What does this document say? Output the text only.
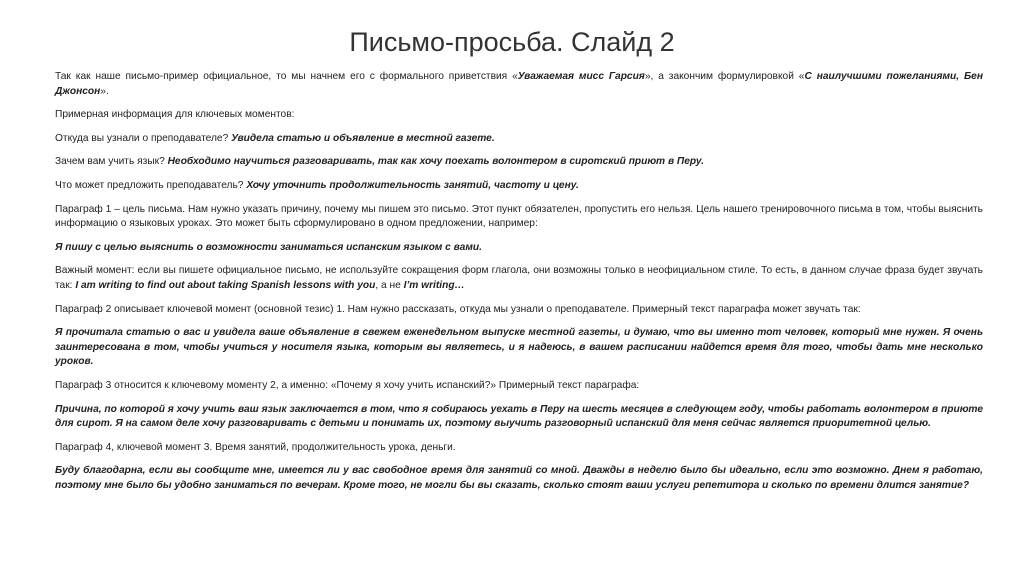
Письмо-просьба. Слайд 2

Так как наше письмо-пример официальное, то мы начнем его с формального приветствия «Уважаемая мисс Гарсия», а закончим формулировкой «С наилучшими пожеланиями, Бен Джонсон».

Примерная информация для ключевых моментов:

Откуда вы узнали о преподавателе? Увидела статью и объявление в местной газете.

Зачем вам учить язык? Необходимо научиться разговаривать, так как хочу поехать волонтером в сиротский приют в Перу.

Что может предложить преподаватель? Хочу уточнить продолжительность занятий, частоту и цену.

Параграф 1 – цель письма. Нам нужно указать причину, почему мы пишем это письмо. Этот пункт обязателен, пропустить его нельзя. Цель нашего тренировочного письма в том, чтобы выяснить информацию о языковых уроках. Это может быть сформулировано в одном предложении, например:

Я пишу с целью выяснить о возможности заниматься испанским языком с вами.

Важный момент: если вы пишете официальное письмо, не используйте сокращения форм глагола, они возможны только в неофициальном стиле. То есть, в данном случае фраза будет звучать так: I am writing to find out about taking Spanish lessons with you, а не I’m writing…

Параграф 2 описывает ключевой момент (основной тезис) 1. Нам нужно рассказать, откуда мы узнали о преподавателе. Примерный текст параграфа может звучать так:

Я прочитала статью о вас и увидела ваше объявление в свежем еженедельном выпуске местной газеты, и думаю, что вы именно тот человек, который мне нужен. Я очень заинтересована в том, чтобы учиться у носителя языка, которым вы являетесь, и я надеюсь, в вашем расписании найдется время для того, чтобы дать мне несколько уроков.

Параграф 3 относится к ключевому моменту 2, а именно: «Почему я хочу учить испанский?» Примерный текст параграфа:

Причина, по которой я хочу учить ваш язык заключается в том, что я собираюсь уехать в Перу на шесть месяцев в следующем году, чтобы работать волонтером в приюте для сирот. Я на самом деле хочу разговаривать с детьми и понимать их, поэтому выучить разговорный испанский для меня сейчас является приоритетной целью.

Параграф 4, ключевой момент 3. Время занятий, продолжительность урока, деньги.

Буду благодарна, если вы сообщите мне, имеется ли у вас свободное время для занятий со мной. Дважды в неделю было бы идеально, если это возможно. Днем я работаю, поэтому мне было бы удобно заниматься по вечерам. Кроме того, не могли бы вы сказать, сколько стоят ваши услуги репетитора и сколько по времени длится занятие?
